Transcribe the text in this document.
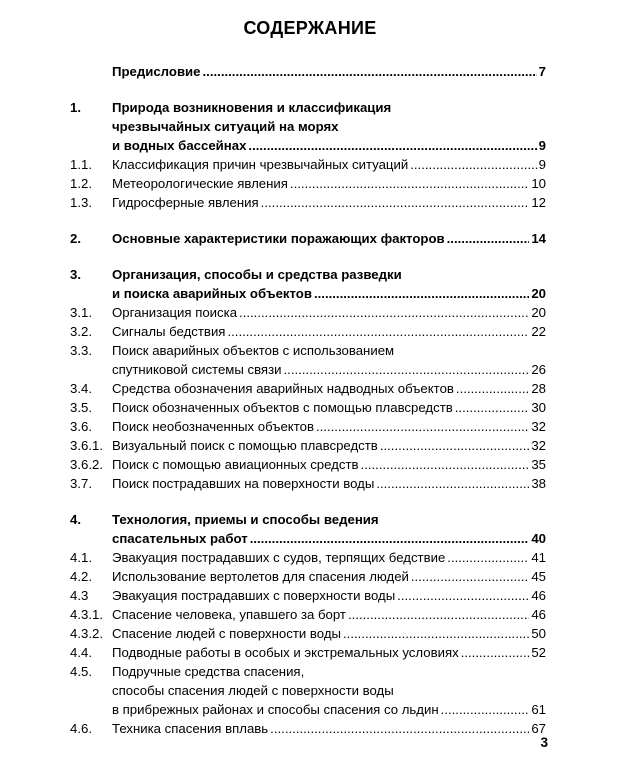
СОДЕРЖАНИЕ
Предисловие .....	7
1.	Природа возникновения и классификация
чрезвычайных ситуаций на морях
и водных бассейнах .....	9
1.1.	Классификация причин чрезвычайных ситуаций .....	9
1.2.	Метеорологические явления .....	10
1.3.	Гидросферные явления .....	12
2.	Основные характеристики поражающих факторов .....	14
3.	Организация, способы и средства разведки
и поиска аварийных объектов .....	20
3.1.	Организация поиска .....	20
3.2.	Сигналы бедствия .....	22
3.3.	Поиск аварийных объектов с использованием
спутниковой системы связи .....	26
3.4.	Средства обозначения аварийных надводных объектов .....	28
3.5.	Поиск обозначенных объектов с помощью плавсредств .....	30
3.6.	Поиск необозначенных объектов .....	32
3.6.1. Визуальный поиск с помощью плавсредств .....	32
3.6.2. Поиск с помощью авиационных средств .....	35
3.7.	Поиск пострадавших на поверхности воды .....	38
4.	Технология, приемы и способы ведения
спасательных работ .....	40
4.1.	Эвакуация пострадавших с судов, терпящих бедствие .....	41
4.2.	Использование вертолетов для спасения людей .....	45
4.3	Эвакуация пострадавших с поверхности воды .....	46
4.3.1. Спасение человека, упавшего за борт .....	46
4.3.2. Спасение людей с поверхности воды .....	50
4.4.	Подводные работы в особых и экстремальных условиях .....	52
4.5.	Подручные средства спасения,
способы спасения людей с поверхности воды
в прибрежных районах и способы спасения со льдин .....	61
4.6.	Техника спасения вплавь .....	67
3
